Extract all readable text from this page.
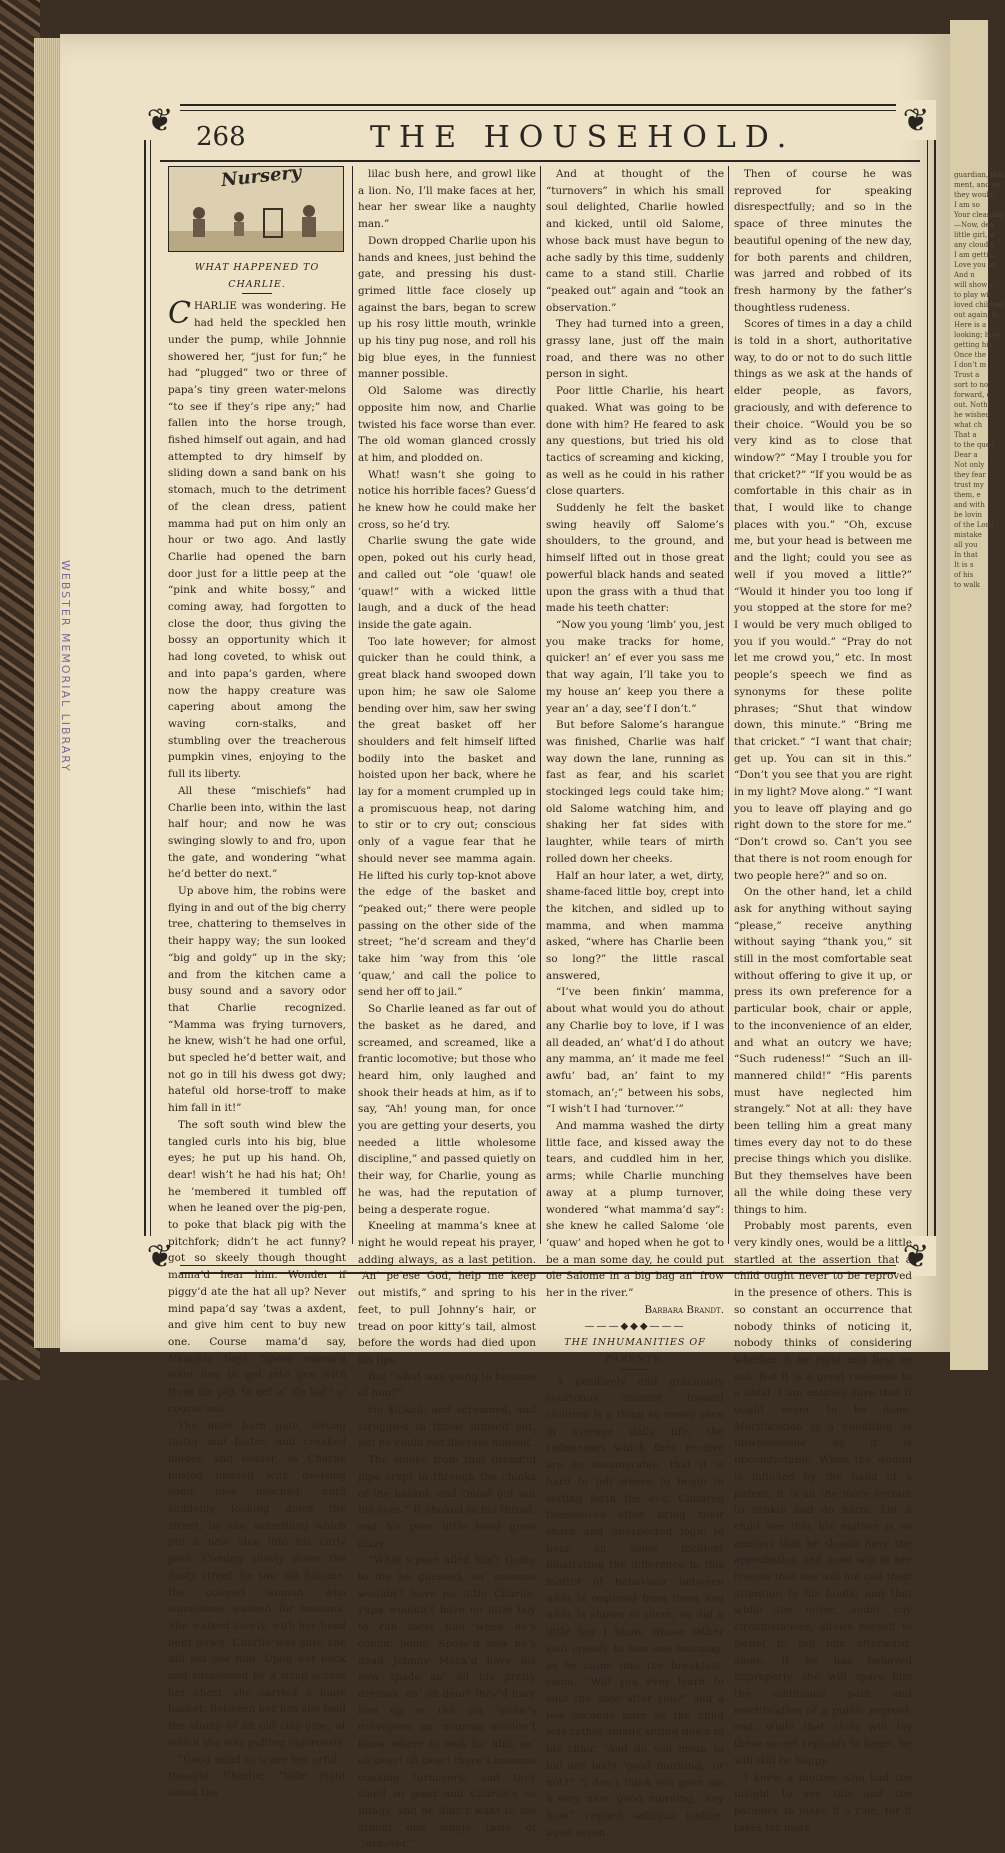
WEBSTER MEMORIAL LIBRARY
guardian, that
ment, and ne
they would
I am so
Your cleaning
—Now, dea
little girl, w
any cloud y
I am gettin
Love you an
And n
will show y
to play wit
loved children
out again, th
Here is a
looking; how
getting his
Once the
I don’t m
Trust a
sort to not
forward, o
out. Nothi
he wished
what ch
That a
to the ques
Dear a
Not only
they fear
trust my
them, e
and with
be lovin
of the Lord
mistake
all you
In that
It is s
of his
to walk
❦	❦
❦	❦
268	THE HOUSEHOLD.
Nursery

WHAT HAPPENED TO CHARLIE.

CHARLIE was wondering. He had held the speckled hen under the pump, while Johnnie showered her, “just for fun;” he had “plugged” two or three of papa’s tiny green water-melons “to see if they’s ripe any;” had fallen into the horse trough, fished himself out again, and had attempted to dry himself by sliding down a sand bank on his stomach, much to the detriment of the clean dress, patient mamma had put on him only an hour or two ago. And lastly Charlie had opened the barn door just for a little peep at the “pink and white bossy,” and coming away, had forgotten to close the door, thus giving the bossy an opportunity which it had long coveted, to whisk out and into papa’s garden, where now the happy creature was capering about among the waving corn-stalks, and stumbling over the treacherous pumpkin vines, enjoying to the full its liberty.

All these “mischiefs” had Charlie been into, within the last half hour; and now he was swinging slowly to and fro, upon the gate, and wondering “what he’d better do next.”

Up above him, the robins were flying in and out of the big cherry tree, chattering to themselves in their happy way; the sun looked “big and goldy” up in the sky; and from the kitchen came a busy sound and a savory odor that Charlie recognized. “Mamma was frying turnovers, he knew, wish’t he had one orful, but specled he’d better wait, and not go in till his dwess got dwy; hateful old horse-troff to make him fall in it!”

The soft south wind blew the tangled curls into his big, blue eyes; he put up his hand. Oh, dear! wish’t he had his hat; Oh! he ’membered it tumbled off when he leaned over the pig-pen, to poke that black pig with the pitchfork; didn’t he act funny? got so skeely though thought mama’d hear him. Wonder if piggy’d ate the hat all up? Never mind papa’d say ’twas a axdent, and give him cent to buy new one. Course mama’d say, Naughty boy! ’Spose mama’d want him to get into pen with tross ole pig, to get a’ ole hat? o’ course not.

The little barn gate, swung faster and faster, and creaked louder, and louder, as Charlie busied himself with devising some new mischief, until suddenly looking down the street, he saw something which put a new idea into his curly pate. Coming slowly down the dusty street, he saw old Salome, the colored woman who sometimes washed for mamma. She walked slowly, with her head bent down, Charlie was sure she did not see him. Upon her back and suspended by a strap across her chest, she carried a huge basket. Between her lips she held the stump of an old clay-pipe, at which she was puffing vigorously.

“Good mind to scare her orful,” thought Charlie; “hide right ahind the

lilac bush here, and growl like a lion. No, I’ll make faces at her, hear her swear like a naughty man.”

Down dropped Charlie upon his hands and knees, just behind the gate, and pressing his dust-grimed little face closely up against the bars, began to screw up his rosy little mouth, wrinkle up his tiny pug nose, and roll his big blue eyes, in the funniest manner possible.

Old Salome was directly opposite him now, and Charlie twisted his face worse than ever. The old woman glanced crossly at him, and plodded on.

What! wasn’t she going to notice his horrible faces? Guess’d he knew how he could make her cross, so he’d try.

Charlie swung the gate wide open, poked out his curly head, and called out “ole ’quaw! ole ’quaw!” with a wicked little laugh, and a duck of the head inside the gate again.

Too late however; for almost quicker than he could think, a great black hand swooped down upon him; he saw ole Salome bending over him, saw her swing the great basket off her shoulders and felt himself lifted bodily into the basket and hoisted upon her back, where he lay for a moment crumpled up in a promiscuous heap, not daring to stir or to cry out; conscious only of a vague fear that he should never see mamma again. He lifted his curly top-knot above the edge of the basket and “peaked out;” there were people passing on the other side of the street; “he’d scream and they’d take him ’way from this ‘ole ’quaw,’ and call the police to send her off to jail.”

So Charlie leaned as far out of the basket as he dared, and screamed, and screamed, like a frantic locomotive; but those who heard him, only laughed and shook their heads at him, as if to say, “Ah! young man, for once you are getting your deserts, you needed a little wholesome discipline,” and passed quietly on their way, for Charlie, young as he was, had the reputation of being a desperate rogue.

Kneeling at mamma’s knee at night he would repeat his prayer, adding always, as a last petition. “An’ pe’ese God, help me keep out mistifs,” and spring to his feet, to pull Johnny’s hair, or tread on poor kitty’s tail, almost before the words had died upon his lips.

But “what was going to become of him?”

He kicked, and screamed, and struggled to throw himself out, but he could not liberate himself.

The smoke from that dreadful pipe crept in through the chinks of the basket, and “most put out his eyes.” It choked in his throat, and his poor little head grew dizzy.

“What s’pose ailed him? Going to die he guessed, an’ mamma wouldn’t have no little Charlie. Papa wouldn’t have no little boy to run meet him when he’s comin’ home. Spose’d now he’s dead Johnny Mack’d have his new spade an’ all his pretty dresses, an’ oh dear! they’d bury him up in the old ’quaw’s draveyard, an’ mamma wouldn’t know where to look for him, an’ oh dear! oh dear! there’s mamma cooking turnovers, and they smell so good and Charlie’s so hungy, and he didn’t want to die athout one single taste of ‘turnover.’”

And at thought of the “turnovers” in which his small soul delighted, Charlie howled and kicked, until old Salome, whose back must have begun to ache sadly by this time, suddenly came to a stand still. Charlie “peaked out” again and “took an observation.”

They had turned into a green, grassy lane, just off the main road, and there was no other person in sight.

Poor little Charlie, his heart quaked. What was going to be done with him? He feared to ask any questions, but tried his old tactics of screaming and kicking, as well as he could in his rather close quarters.

Suddenly he felt the basket swing heavily off Salome’s shoulders, to the ground, and himself lifted out in those great powerful black hands and seated upon the grass with a thud that made his teeth chatter:

“Now you young ‘limb’ you, jest you make tracks for home, quicker! an’ ef ever you sass me that way again, I’ll take you to my house an’ keep you there a year an’ a day, see’f I don’t.”

But before Salome’s harangue was finished, Charlie was half way down the lane, running as fast as fear, and his scarlet stockinged legs could take him; old Salome watching him, and shaking her fat sides with laughter, while tears of mirth rolled down her cheeks.

Half an hour later, a wet, dirty, shame-faced little boy, crept into the kitchen, and sidled up to mamma, and when mamma asked, “where has Charlie been so long?” the little rascal answered,

“I’ve been finkin’ mamma, about what would you do athout any Charlie boy to love, if I was all deaded, an’ what’d I do athout any mamma, an’ it made me feel awfu’ bad, an’ faint to my stomach, an’;” between his sobs, “I wish’t I had ‘turnover.’”

And mamma washed the dirty little face, and kissed away the tears, and cuddled him in her, arms; while Charlie munching away at a plump turnover, wondered “what mamma’d say”: she knew he called Salome ‘ole ‘quaw’ and hoped when he got to be a man some day, he could put ole Salome in a big bag an’ frow her in the river.”

Barbara Brandt.

———◆◆◆———

THE INHUMANITIES OF PARENTS.

A positively and graciously courteous manner toward children is a thing so rarely seen in average daily life, the rudenesses which they receive are so innumerable, that it is hard to tell where to begin in setting forth the evil. Children themselves often bring their sharp and unexpected logic to bear on some incident illustrating the difference in this matter of behaviour between what is required from them and what is shown to them; as did a little boy I know, whose father said crossly to him one morning, as he came into the breakfast-room, “Will you ever learn to shut the door after you?” and a few seconds later as the child was rather sulkily sitting down in his chair, “And do you mean to bid any body ‘good morning,’ or not?” “I don’t think you gave me a very nice ‘good morning,’ any how,” replied satirical justice, aged seven.

Then of course he was reproved for speaking disrespectfully; and so in the space of three minutes the beautiful opening of the new day, for both parents and children, was jarred and robbed of its fresh harmony by the father’s thoughtless rudeness.

Scores of times in a day a child is told in a short, authoritative way, to do or not to do such little things as we ask at the hands of elder people, as favors, graciously, and with deference to their choice. “Would you be so very kind as to close that window?” “May I trouble you for that cricket?” “If you would be as comfortable in this chair as in that, I would like to change places with you.” “Oh, excuse me, but your head is between me and the light; could you see as well if you moved a little?” “Would it hinder you too long if you stopped at the store for me? I would be very much obliged to you if you would.” “Pray do not let me crowd you,” etc. In most people’s speech we find as synonyms for these polite phrases; “Shut that window down, this minute.” “Bring me that cricket.” “I want that chair; get up. You can sit in this.” “Don’t you see that you are right in my light? Move along.” “I want you to leave off playing and go right down to the store for me.” “Don’t crowd so. Can’t you see that there is not room enough for two people here?” and so on.

On the other hand, let a child ask for anything without saying “please,” receive anything without saying “thank you,” sit still in the most comfortable seat without offering to give it up, or press its own preference for a particular book, chair or apple, to the inconvenience of an elder, and what an outcry we have; “Such rudeness!” “Such an ill-mannered child!” “His parents must have neglected him strangely.” Not at all: they have been telling him a great many times every day not to do these precise things which you dislike. But they themselves have been all the while doing these very things to him.

Probably most parents, even very kindly ones, would be a little startled at the assertion that a child ought never to be reproved in the presence of others. This is so constant an occurrence that nobody thinks of noticing it, nobody thinks of considering whether it be right and best or not. But it is a great rudeness to a child. I am entirely sure that it ought never to be done. Mortification is a condition as unwholesome as it is uncomfortable. When the wound is inflicted by the hand of a parent, it is all the more certain to rankle and do harm. Let a child see that his mother is so anxious that he should have the approbation and good will of her friends that she will not call their attention to his faults; and that while she never, under any circumstances, allows herself to forget to tell him afterward, alone, if he has behaved improperly, she will spare him the additional pain and mortification of a public reproof; and, while that child will lay these secret reproofs to heart, he will still be happy.

I knew a mother who had the insight to see this and the patience to make it a rule; for it takes far more
